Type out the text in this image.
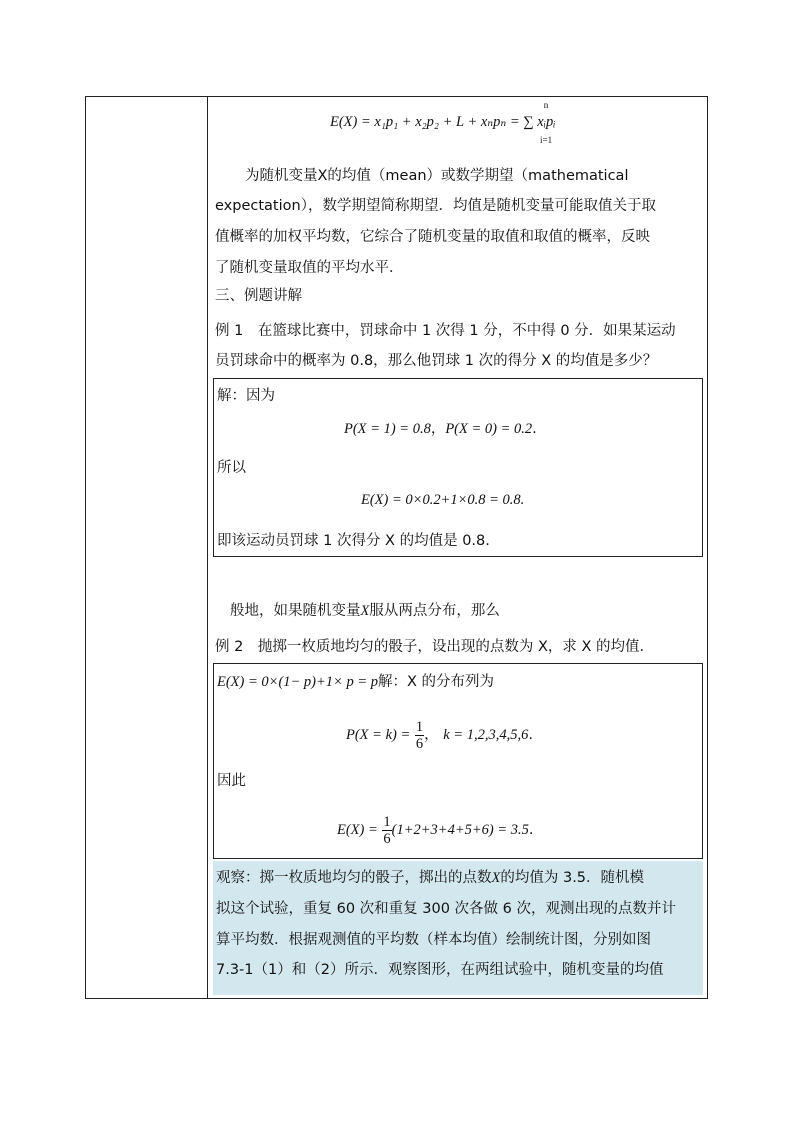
E(X) = x₁p₁ + x₂p₂ + L + xₙpₙ = ∑ xᵢpᵢ
n
i=1
为随机变量X的均值（mean）或数学期望（mathematical
expectation），数学期望简称期望．均值是随机变量可能取值关于取
值概率的加权平均数，它综合了随机变量的取值和取值的概率，反映
了随机变量取值的平均水平．
三、例题讲解
例 1　在篮球比赛中，罚球命中 1 次得 1 分，不中得 0 分．如果某运动
员罚球命中的概率为 0.8，那么他罚球 1 次的得分 X 的均值是多少？
解：因为
P(X = 1) = 0.8，P(X = 0) = 0.2.
所以
E(X) = 0×0.2+1×0.8 = 0.8.
即该运动员罚球 1 次得分 X 的均值是 0.8.
般地，如果随机变量X服从两点分布，那么
例 2　抛掷一枚质地均匀的骰子，设出现的点数为 X，求 X 的均值．
E(X) = 0×(1− p)+1× p = p解：X 的分布列为
$P(X = k) = \frac{1}{6}$ ， k = 1,2,3,4,5,6.
因此
$E(X) = \frac{1}{6} (1+2+3+4+5+6) = 3.5$.
观察：掷一枚质地均匀的骰子，掷出的点数X的均值为 3.5．随机模
拟这个试验，重复 60 次和重复 300 次各做 6 次，观测出现的点数并计
算平均数．根据观测值的平均数（样本均值）绘制统计图，分别如图
7.3-1（1）和（2）所示．观察图形，在两组试验中，随机变量的均值
